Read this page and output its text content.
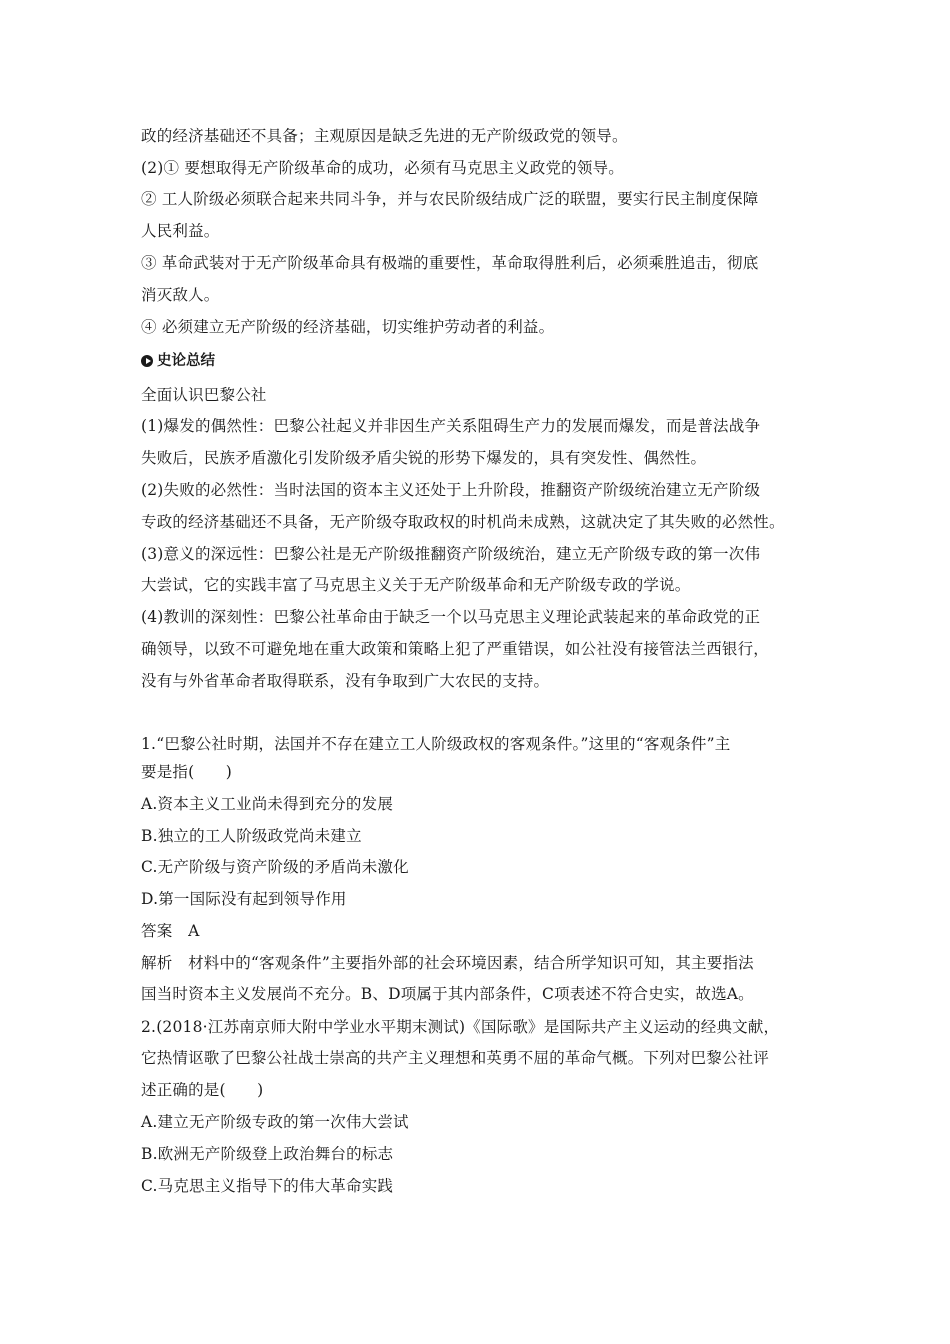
政的经济基础还不具备；主观原因是缺乏先进的无产阶级政党的领导。
(2)① 要想取得无产阶级革命的成功，必须有马克思主义政党的领导。
② 工人阶级必须联合起来共同斗争，并与农民阶级结成广泛的联盟，要实行民主制度保障
人民利益。
③ 革命武装对于无产阶级革命具有极端的重要性，革命取得胜利后，必须乘胜追击，彻底
消灭敌人。
④ 必须建立无产阶级的经济基础，切实维护劳动者的利益。
史论总结
全面认识巴黎公社
(1)爆发的偶然性：巴黎公社起义并非因生产关系阻碍生产力的发展而爆发，而是普法战争
失败后，民族矛盾激化引发阶级矛盾尖锐的形势下爆发的，具有突发性、偶然性。
(2)失败的必然性：当时法国的资本主义还处于上升阶段，推翻资产阶级统治建立无产阶级
专政的经济基础还不具备，无产阶级夺取政权的时机尚未成熟，这就决定了其失败的必然性。
(3)意义的深远性：巴黎公社是无产阶级推翻资产阶级统治，建立无产阶级专政的第一次伟
大尝试，它的实践丰富了马克思主义关于无产阶级革命和无产阶级专政的学说。
(4)教训的深刻性：巴黎公社革命由于缺乏一个以马克思主义理论武装起来的革命政党的正
确领导，以致不可避免地在重大政策和策略上犯了严重错误，如公社没有接管法兰西银行，
没有与外省革命者取得联系，没有争取到广大农民的支持。
1.“巴黎公社时期，法国并不存在建立工人阶级政权的客观条件。”这里的“客观条件”主
要是指(　　)
A.资本主义工业尚未得到充分的发展
B.独立的工人阶级政党尚未建立
C.无产阶级与资产阶级的矛盾尚未激化
D.第一国际没有起到领导作用
答案　A
解析　材料中的“客观条件”主要指外部的社会环境因素，结合所学知识可知，其主要指法
国当时资本主义发展尚不充分。B、D项属于其内部条件，C项表述不符合史实，故选A。
2.(2018·江苏南京师大附中学业水平期末测试)《国际歌》是国际共产主义运动的经典文献，
它热情讴歌了巴黎公社战士崇高的共产主义理想和英勇不屈的革命气概。下列对巴黎公社评
述正确的是(　　)
A.建立无产阶级专政的第一次伟大尝试
B.欧洲无产阶级登上政治舞台的标志
C.马克思主义指导下的伟大革命实践
